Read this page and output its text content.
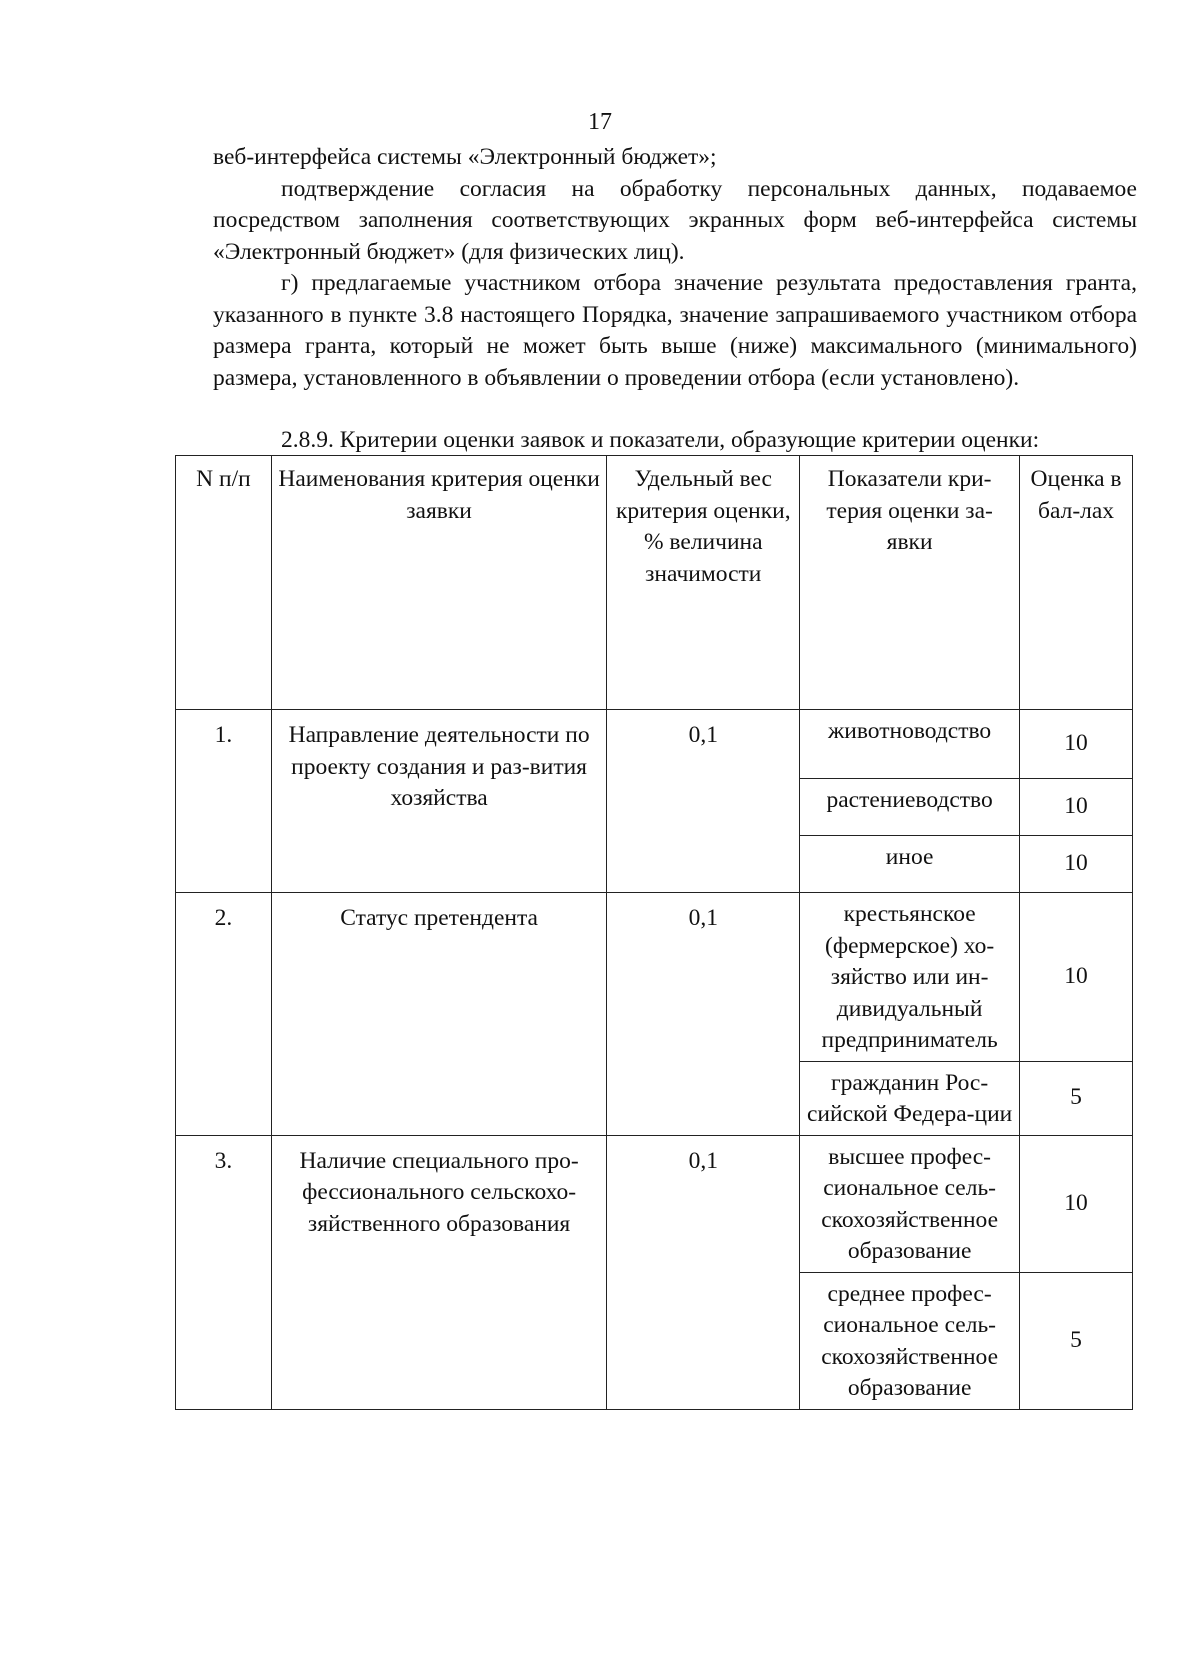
17

веб-интерфейса системы «Электронный бюджет»;

подтверждение согласия на обработку персональных данных, подаваемое посредством заполнения соответствующих экранных форм веб-интерфейса системы «Электронный бюджет» (для физических лиц).

г) предлагаемые участником отбора значение результата предоставления гранта, указанного в пункте 3.8 настоящего Порядка, значение запрашиваемого участником отбора размера гранта, который не может быть выше (ниже) максимального (минимального) размера, установленного в объявлении о проведении отбора (если установлено).

2.8.9. Критерии оценки заявок и показатели, образующие критерии оценки:
N п/п	Наименования критерия оценки заявки	Удельный вес критерия оценки, % величина значимости	Показатели кри-терия оценки за-явки	Оценка в бал-лах
1.	Направление деятельности по проекту создания и раз-вития хозяйства	0,1	животноводство	10
			растениеводство	10
			иное	10
2.	Статус претендента	0,1	крестьянское (фермерское) хо-зяйство или ин-дивидуальный предприниматель	10
			гражданин Рос-сийской Федера-ции	5
3.	Наличие специального про-фессионального сельскохо-зяйственного образования	0,1	высшее профес-сиональное сель-скохозяйственное образование	10
			среднее профес-сиональное сель-скохозяйственное образование	5
